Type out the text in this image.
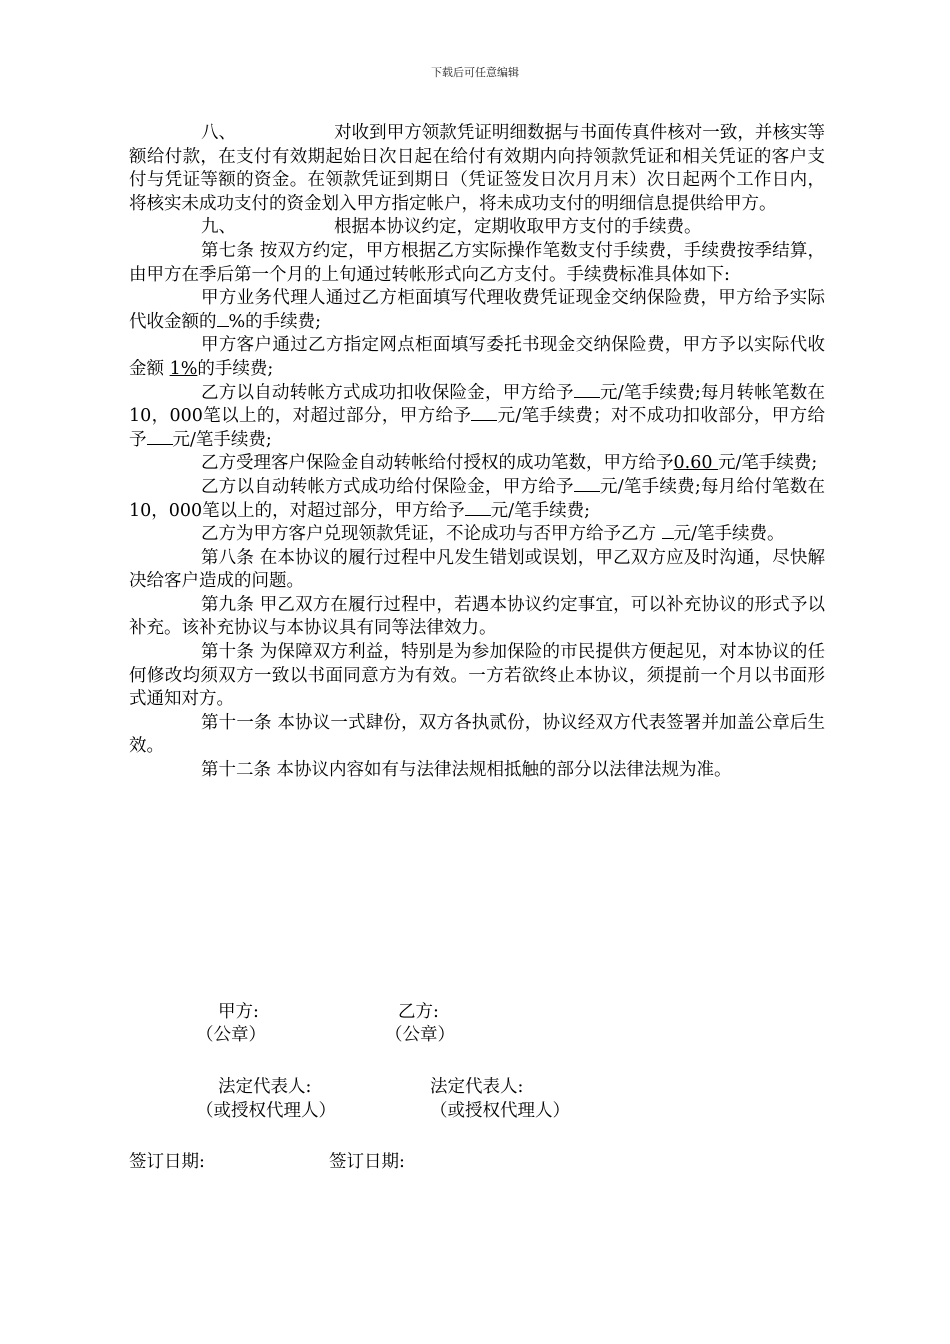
下载后可任意编辑

八、	对收到甲方领款凭证明细数据与书面传真件核对一致，并核实等额给付款，在支付有效期起始日次日起在给付有效期内向持领款凭证和相关凭证的客户支付与凭证等额的资金。在领款凭证到期日（凭证签发日次月月末）次日起两个工作日内，将核实未成功支付的资金划入甲方指定帐户，将未成功支付的明细信息提供给甲方。

九、	根据本协议约定，定期收取甲方支付的手续费。

第七条 按双方约定，甲方根据乙方实际操作笔数支付手续费，手续费按季结算，由甲方在季后第一个月的上旬通过转帐形式向乙方支付。手续费标准具体如下:

甲方业务代理人通过乙方柜面填写代理收费凭证现金交纳保险费，甲方给予实际代收金额的 %的手续费;

甲方客户通过乙方指定网点柜面填写委托书现金交纳保险费，甲方予以实际代收金额 1%的手续费;

乙方以自动转帐方式成功扣收保险金，甲方给予 元/笔手续费;每月转帐笔数在10，000笔以上的，对超过部分，甲方给予 元/笔手续费；对不成功扣收部分，甲方给予 元/笔手续费;

乙方受理客户保险金自动转帐给付授权的成功笔数，甲方给予0.60 元/笔手续费;

乙方以自动转帐方式成功给付保险金，甲方给予 元/笔手续费;每月给付笔数在10，000笔以上的，对超过部分，甲方给予 元/笔手续费;

乙方为甲方客户兑现领款凭证，不论成功与否甲方给予乙方 元/笔手续费。

第八条 在本协议的履行过程中凡发生错划或误划，甲乙双方应及时沟通，尽快解决给客户造成的问题。

第九条 甲乙双方在履行过程中，若遇本协议约定事宜，可以补充协议的形式予以补充。该补充协议与本协议具有同等法律效力。

第十条 为保障双方利益，特别是为参加保险的市民提供方便起见，对本协议的任何修改均须双方一致以书面同意方为有效。一方若欲终止本协议，须提前一个月以书面形式通知对方。

第十一条 本协议一式肆份，双方各执贰份，协议经双方代表签署并加盖公章后生效。

第十二条 本协议内容如有与法律法规相抵触的部分以法律法规为准。

甲方:	乙方:
（公章）	（公章）
法定代表人:	法定代表人:
（或授权代理人）	（或授权代理人）
签订日期:	签订日期:
